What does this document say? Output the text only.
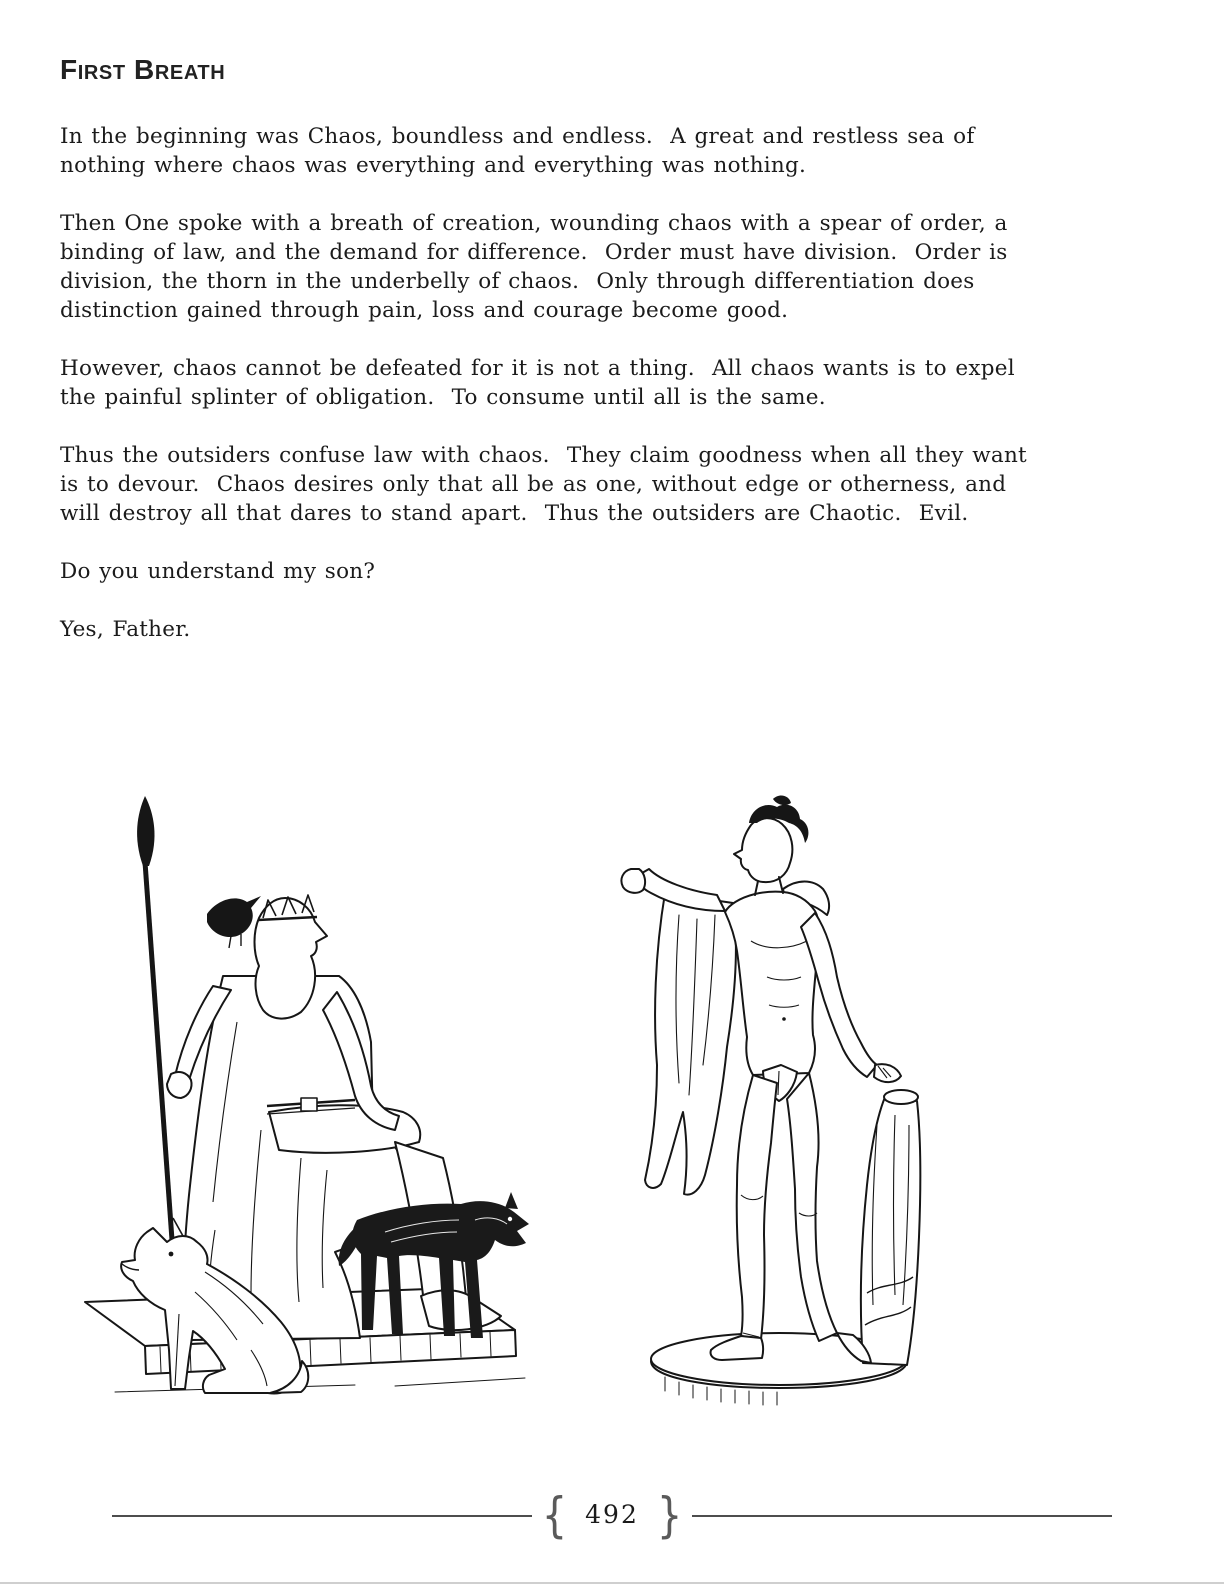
First Breath

In the beginning was Chaos, boundless and endless.  A great and restless sea of nothing where chaos was everything and everything was nothing.

Then One spoke with a breath of creation, wounding chaos with a spear of order, a binding of law, and the demand for difference.  Order must have division.  Order is division, the thorn in the underbelly of chaos.  Only through differentiation does distinction gained through pain, loss and courage become good.

However, chaos cannot be defeated for it is not a thing.  All chaos wants is to expel the painful splinter of obligation.  To consume until all is the same.

Thus the outsiders confuse law with chaos.  They claim goodness when all they want is to devour.  Chaos desires only that all be as one, without edge or otherness, and will destroy all that dares to stand apart.  Thus the outsiders are Chaotic.  Evil.

Do you understand my son?

Yes, Father.

{ 492 }
